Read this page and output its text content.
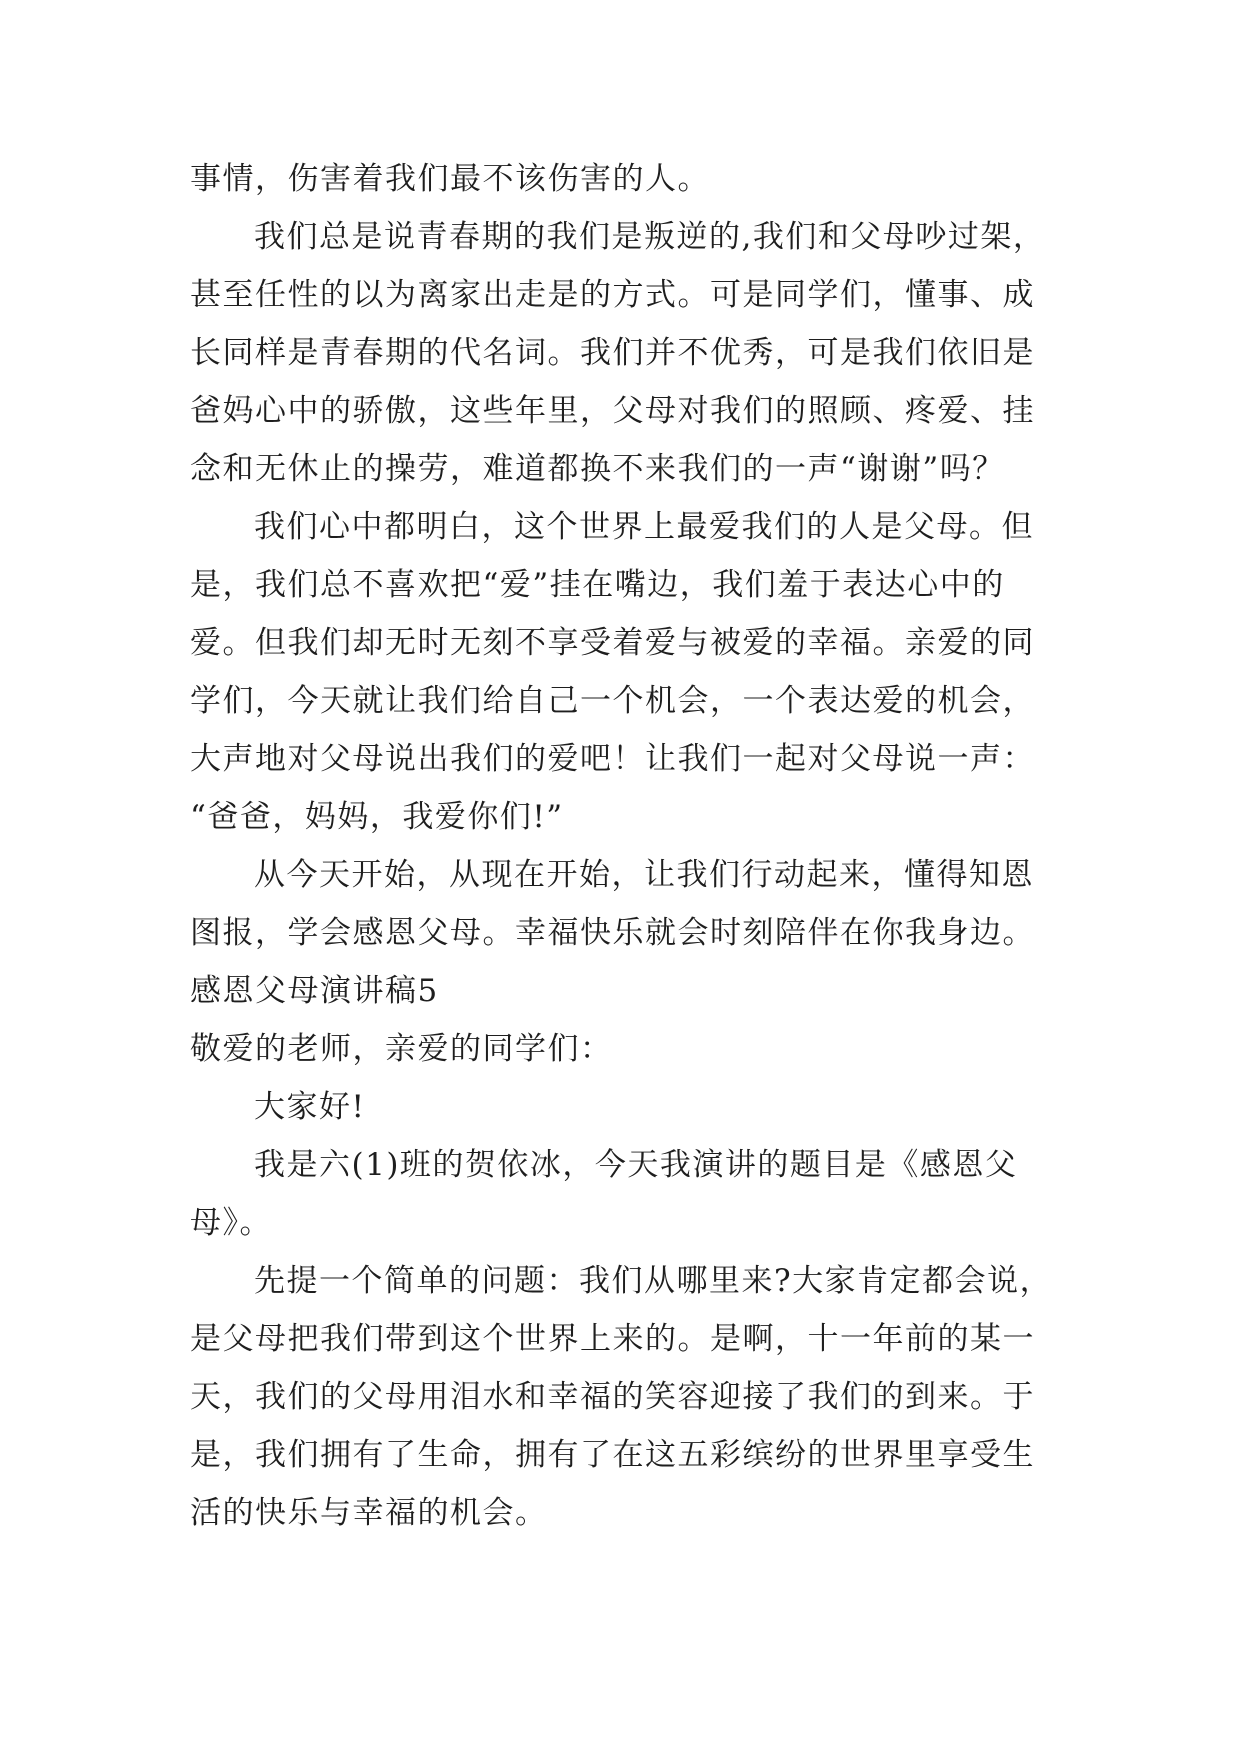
事情，伤害着我们最不该伤害的人。
我们总是说青春期的我们是叛逆的,我们和父母吵过架，
甚至任性的以为离家出走是的方式。可是同学们，懂事、成
长同样是青春期的代名词。我们并不优秀，可是我们依旧是
爸妈心中的骄傲，这些年里，父母对我们的照顾、疼爱、挂
念和无休止的操劳，难道都换不来我们的一声“谢谢”吗？
我们心中都明白，这个世界上最爱我们的人是父母。但
是，我们总不喜欢把“爱”挂在嘴边，我们羞于表达心中的
爱。但我们却无时无刻不享受着爱与被爱的幸福。亲爱的同
学们，今天就让我们给自己一个机会，一个表达爱的机会，
大声地对父母说出我们的爱吧！让我们一起对父母说一声：
“爸爸，妈妈，我爱你们!”
从今天开始，从现在开始，让我们行动起来，懂得知恩
图报，学会感恩父母。幸福快乐就会时刻陪伴在你我身边。
感恩父母演讲稿5
敬爱的老师，亲爱的同学们：
大家好!
我是六(1)班的贺依冰，今天我演讲的题目是《感恩父
母》。
先提一个简单的问题：我们从哪里来?大家肯定都会说，
是父母把我们带到这个世界上来的。是啊，十一年前的某一
天，我们的父母用泪水和幸福的笑容迎接了我们的到来。于
是，我们拥有了生命，拥有了在这五彩缤纷的世界里享受生
活的快乐与幸福的机会。
